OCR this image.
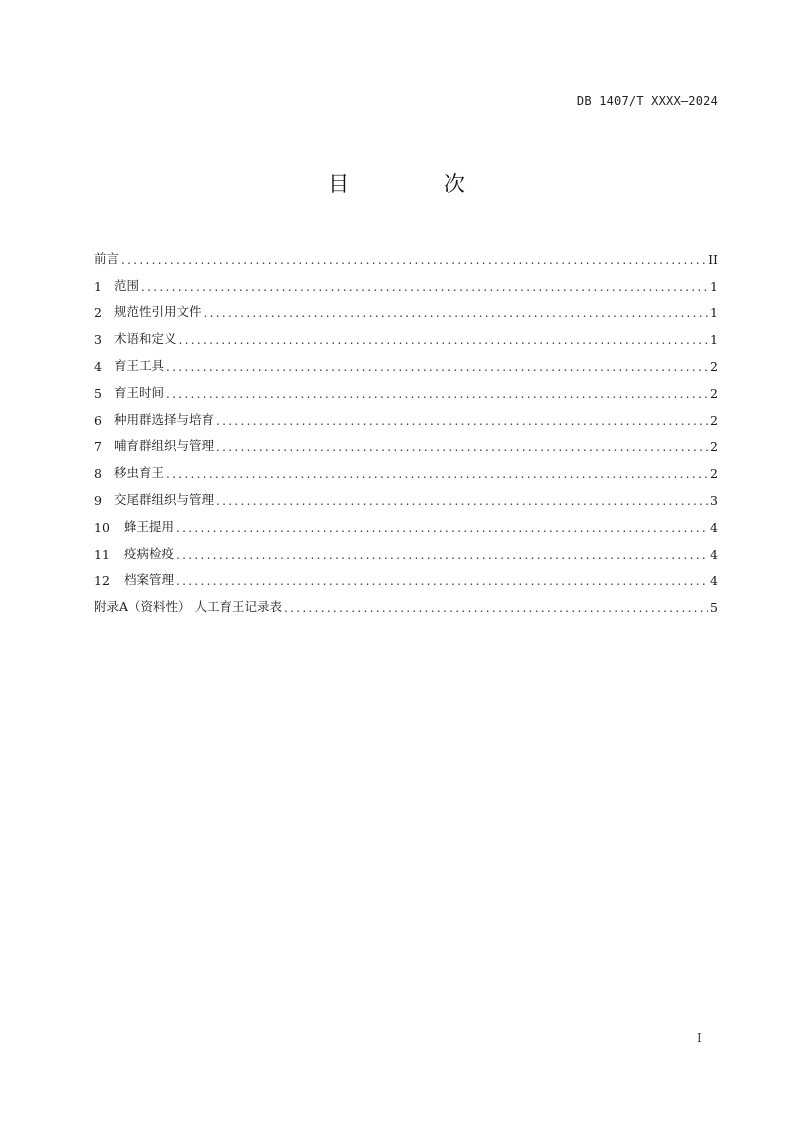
DB 1407/T XXXX—2024
目 次
前言 .....	II
1 范围 .....	1
2 规范性引用文件 .....	1
3 术语和定义 .....	1
4 育王工具 .....	2
5 育王时间 .....	2
6 种用群选择与培育 .....	2
7 哺育群组织与管理 .....	2
8 移虫育王 .....	2
9 交尾群组织与管理 .....	3
10	蜂王提用 .....	4
11	疫病检疫 .....	4
12	档案管理 .....	4
附录A（资料性） 人工育王记录表 .....	5
I
